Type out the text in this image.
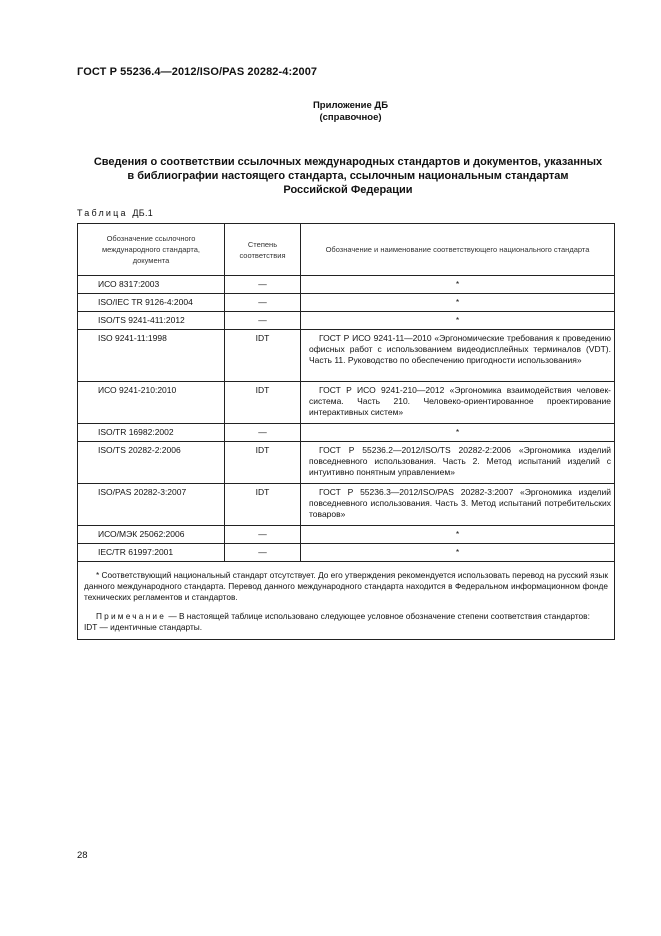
ГОСТ Р 55236.4—2012/ISO/PAS 20282-4:2007
Приложение ДБ
(справочное)
Сведения о соответствии ссылочных международных стандартов и документов, указанных
в библиографии настоящего стандарта, ссылочным национальным стандартам
Российской Федерации
Таблица ДБ.1
Обозначение ссылочного международного стандарта, документа	Степень соответствия	Обозначение и наименование соответствующего национального стандарта
ИСО 8317:2003	—	*
ISO/IEC TR 9126-4:2004	—	*
ISO/TS 9241-411:2012	—	*
ISO 9241-11:1998	IDT	ГОСТ Р ИСО 9241-11—2010 «Эргономические требования к проведению офисных работ с использованием видеодисплейных терминалов (VDT). Часть 11. Руководство по обеспечению пригодности использования»
ИСО 9241-210:2010	IDT	ГОСТ Р ИСО 9241-210—2012 «Эргономика взаимодействия человек-система. Часть 210. Человеко-ориентированное проектирование интерактивных систем»
ISO/TR 16982:2002	—	*
ISO/TS 20282-2:2006	IDT	ГОСТ Р 55236.2—2012/ISO/TS 20282-2:2006 «Эргономика изделий повседневного использования. Часть 2. Метод испытаний изделий с интуитивно понятным управлением»
ISO/PAS 20282-3:2007	IDT	ГОСТ Р 55236.3—2012/ISO/PAS 20282-3:2007 «Эргономика изделий повседневного использования. Часть 3. Метод испытаний потребительских товаров»
ИСО/МЭК 25062:2006	—	*
IEC/TR 61997:2001	—	*

* Соответствующий национальный стандарт отсутствует. До его утверждения рекомендуется использовать перевод на русский язык данного международного стандарта. Перевод данного международного стандарта находится в Федеральном информационном фонде технических регламентов и стандартов.

Примечание — В настоящей таблице использовано следующее условное обозначение степени соответствия стандартов:

IDT — идентичные стандарты.		

28
